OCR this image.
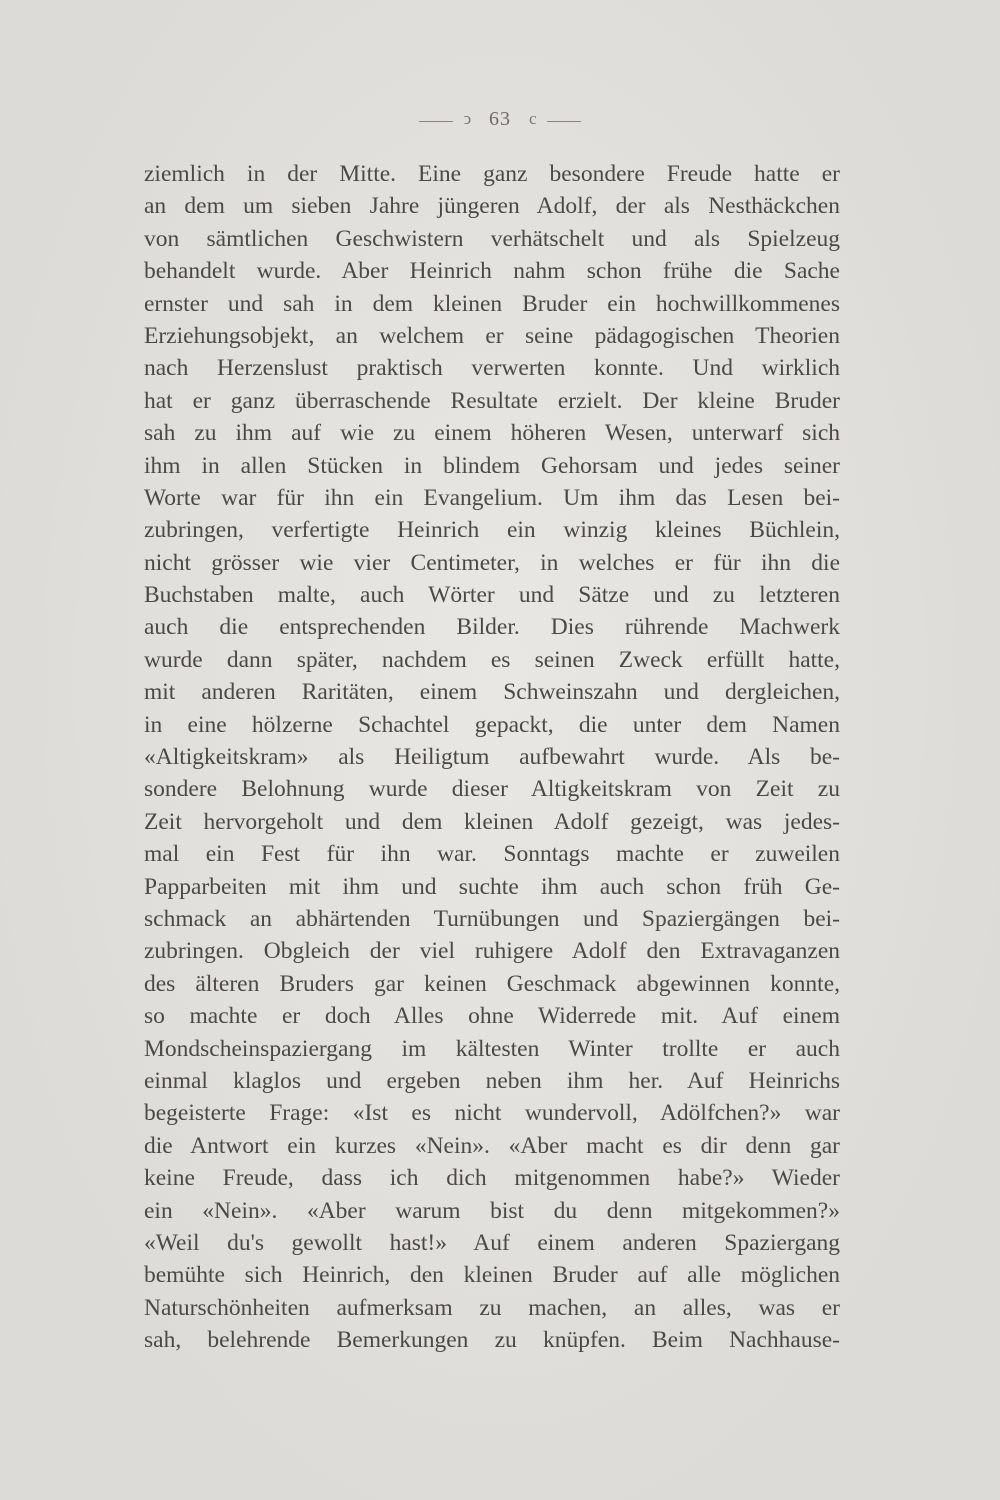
ↄ 63	c
ziemlich in der Mitte. Eine ganz besondere Freude hatte er
an dem um sieben Jahre jüngeren Adolf, der als Nesthäckchen
von sämtlichen Geschwistern verhätschelt und als Spielzeug
behandelt wurde. Aber Heinrich nahm schon frühe die Sache
ernster und sah in dem kleinen Bruder ein hochwillkommenes
Erziehungsobjekt, an welchem er seine pädagogischen Theorien
nach Herzenslust praktisch verwerten konnte. Und wirklich
hat er ganz überraschende Resultate erzielt. Der kleine Bruder
sah zu ihm auf wie zu einem höheren Wesen, unterwarf sich
ihm in allen Stücken in blindem Gehorsam und jedes seiner
Worte war für ihn ein Evangelium. Um ihm das Lesen bei-
zubringen, verfertigte Heinrich ein winzig kleines Büchlein,
nicht grösser wie vier Centimeter, in welches er für ihn die
Buchstaben malte, auch Wörter und Sätze und zu letzteren
auch die entsprechenden Bilder. Dies rührende Machwerk
wurde dann später, nachdem es seinen Zweck erfüllt hatte,
mit anderen Raritäten, einem Schweinszahn und dergleichen,
in eine hölzerne Schachtel gepackt, die unter dem Namen
«Altigkeitskram» als Heiligtum aufbewahrt wurde. Als be-
sondere Belohnung wurde dieser Altigkeitskram von Zeit zu
Zeit hervorgeholt und dem kleinen Adolf gezeigt, was jedes-
mal ein Fest für ihn war. Sonntags machte er zuweilen
Papparbeiten mit ihm und suchte ihm auch schon früh Ge-
schmack an abhärtenden Turnübungen und Spaziergängen bei-
zubringen. Obgleich der viel ruhigere Adolf den Extravaganzen
des älteren Bruders gar keinen Geschmack abgewinnen konnte,
so machte er doch Alles ohne Widerrede mit. Auf einem
Mondscheinspaziergang im kältesten Winter trollte er auch
einmal klaglos und ergeben neben ihm her. Auf Heinrichs
begeisterte Frage: «Ist es nicht wundervoll, Adölfchen?» war
die Antwort ein kurzes «Nein». «Aber macht es dir denn gar
keine Freude, dass ich dich mitgenommen habe?» Wieder
ein «Nein». «Aber warum bist du denn mitgekommen?»
«Weil du's gewollt hast!» Auf einem anderen Spaziergang
bemühte sich Heinrich, den kleinen Bruder auf alle möglichen
Naturschönheiten aufmerksam zu machen, an alles, was er
sah, belehrende Bemerkungen zu knüpfen. Beim Nachhause-
